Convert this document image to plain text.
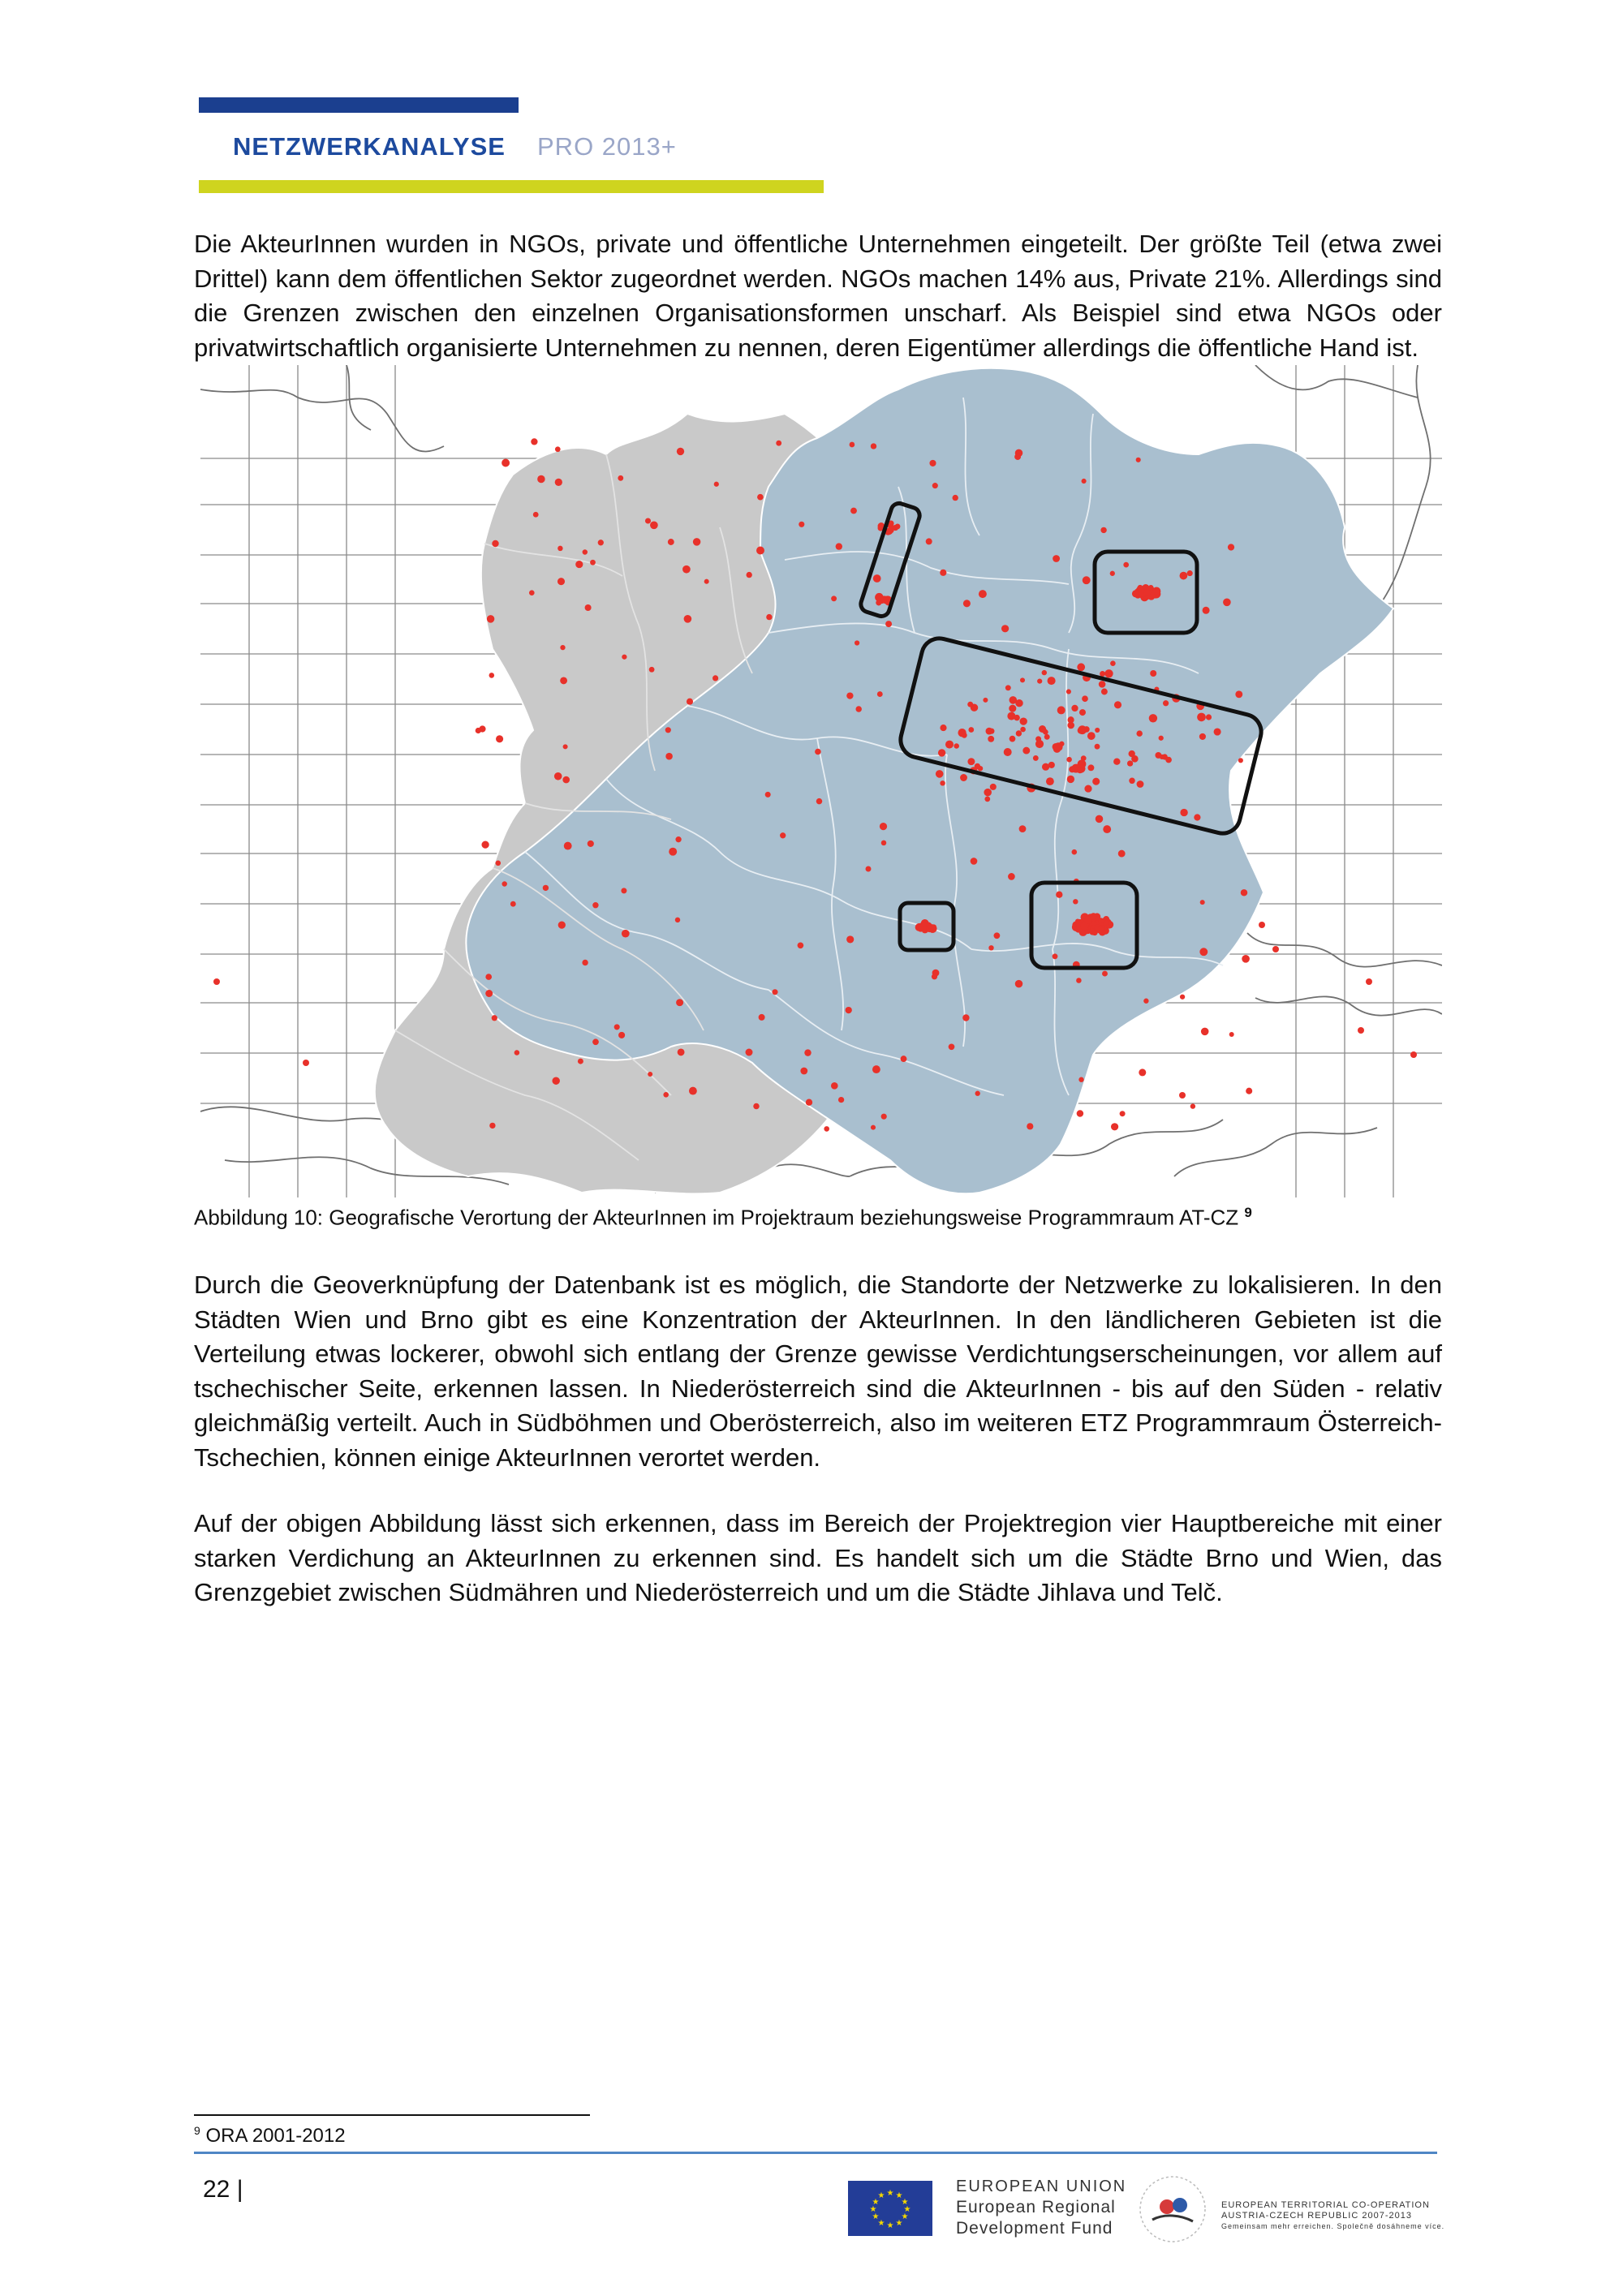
NETZWERKANALYSE PRO 2013+
Die AkteurInnen wurden in NGOs, private und öffentliche Unternehmen eingeteilt. Der größte Teil (etwa zwei Drittel) kann dem öffentlichen Sektor zugeordnet werden. NGOs machen 14% aus, Private 21%. Allerdings sind die Grenzen zwischen den einzelnen Organisationsformen unscharf. Als Beispiel sind etwa NGOs oder privatwirtschaftlich organisierte Unternehmen zu nennen, deren Eigentümer allerdings die öffentliche Hand ist.
Abbildung 10: Geografische Verortung der AkteurInnen im Projektraum beziehungsweise Programmraum AT-CZ $^9$
Durch die Geoverknüpfung der Datenbank ist es möglich, die Standorte der Netzwerke zu lokalisieren. In den Städten Wien und Brno gibt es eine Konzentration der AkteurInnen. In den ländlicheren Gebieten ist die Verteilung etwas lockerer, obwohl sich entlang der Grenze gewisse Verdichtungserscheinungen, vor allem auf tschechischer Seite, erkennen lassen. In Niederösterreich sind die AkteurInnen - bis auf den Süden - relativ gleichmäßig verteilt. Auch in Südböhmen und Oberösterreich, also im weiteren ETZ Programmraum Österreich-Tschechien, können einige AkteurInnen verortet werden.
Auf der obigen Abbildung lässt sich erkennen, dass im Bereich der Projektregion vier Hauptbereiche mit einer starken Verdichung an AkteurInnen zu erkennen sind. Es handelt sich um die Städte Brno und Wien, das Grenzgebiet zwischen Südmähren und Niederösterreich und um die Städte Jihlava und Telč.
$^9$ ORA 2001-2012
22 |	★ ★
★
★
★
★
★
★
★
★
★
★
EUROPEAN UNION
European Regional
Development Fund
EUROPEAN TERRITORIAL CO-OPERATION
AUSTRIA-CZECH REPUBLIC 2007-2013
Gemeinsam mehr erreichen. Společně dosáhneme více.
